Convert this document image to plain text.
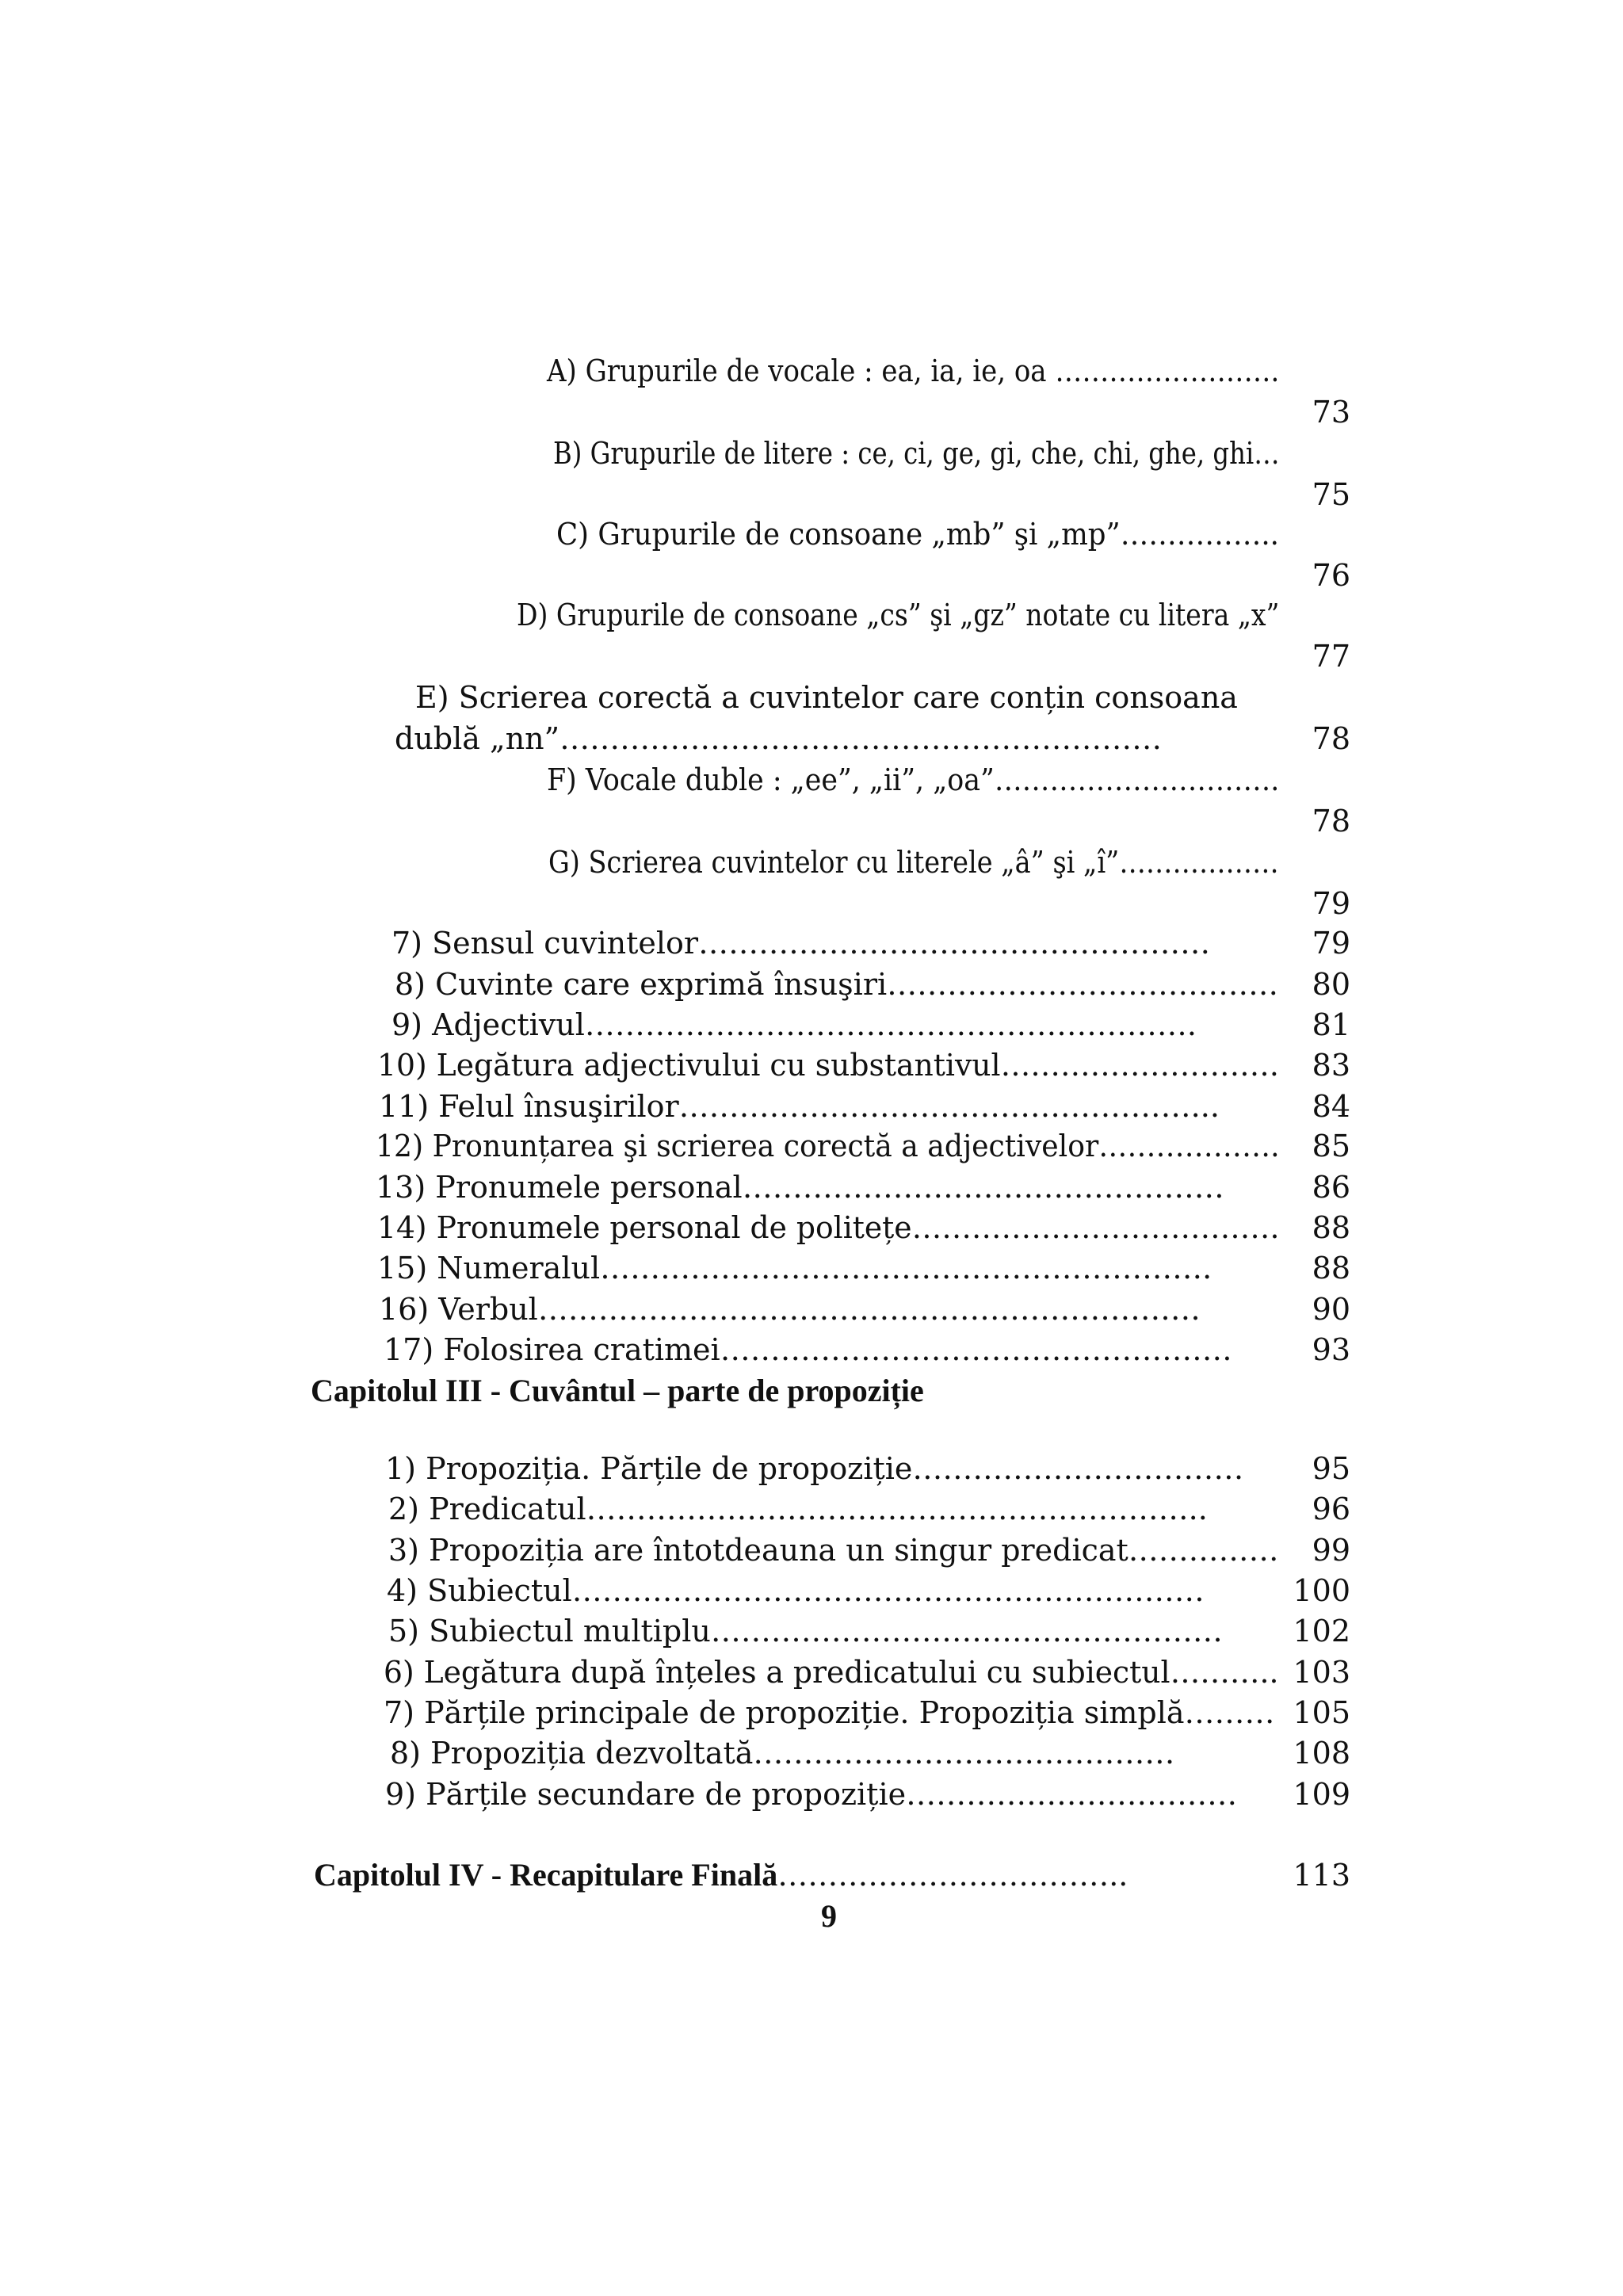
A) Grupurile de vocale : ea, ia, ie, oa …………………….
73
B) Grupurile de litere : ce, ci, ge, gi, che, chi, ghe, ghi…
75
C) Grupurile de consoane „mb” şi „mp”……………..
76
D) Grupurile de consoane „cs” şi „gz” notate cu litera „x”
77
E) Scrierea corectă a cuvintelor care conțin consoana
dublă „nn”……………………………………………………	78
F) Vocale duble : „ee”, „ii”, „oa”………………………….
78
G) Scrierea cuvintelor cu literele „â” şi „î”………………
79
7) Sensul cuvintelor……………………………………………	79
8) Cuvinte care exprimă însuşiri………………………………… 80
9) Adjectivul…………………………………………………….	81
10) Legătura adjectivului cu substantivul………………………. 83
11) Felul însuşirilor……………………………………………...	84
12) Pronunțarea şi scrierea corectă a adjectivelor………………. 85
13) Pronumele personal…………………………………………	86
14) Pronumele personal de politețe………………………………. 88
15) Numeralul…………………………………………………….	88
16) Verbul…………………………………………………………	90
17) Folosirea cratimei……………………………………………	93
Capitolul III - Cuvântul – parte de propoziție
1) Propoziția. Părțile de propoziție…………………………… 95
2) Predicatul……………………………………………………..	96
3) Propoziția are întotdeauna un singur predicat…………… 99
4) Subiectul………………………………………………………	100
5) Subiectul multiplu…………………………………………… 102
6) Legătura după înțeles a predicatului cu subiectul……….. 103
7) Părțile principale de propoziție. Propoziția simplă……… 105
8) Propoziția dezvoltată……………………………………	108
9) Părțile secundare de propoziție…………………………… 109
Capitolul IV - Recapitulare Finală……………………………..	113
9
